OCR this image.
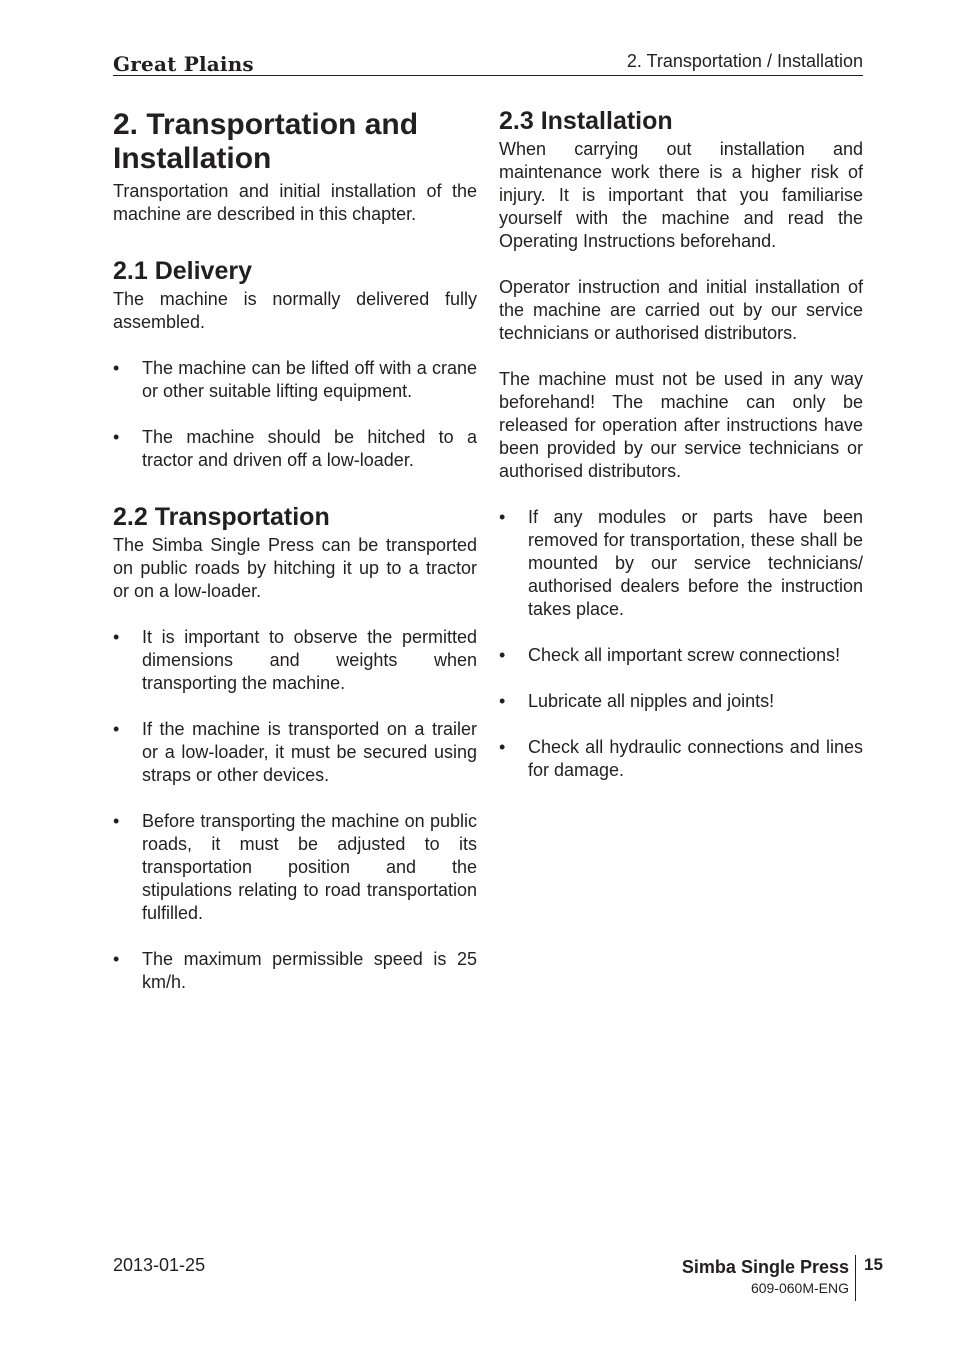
Great Plains	2. Transportation / Installation
2. Transportation and Installation

Transportation and initial installation of the machine are described in this chapter.

2.1 Delivery

The machine is normally delivered fully assembled.

• The machine can be lifted off with a crane or other suitable lifting equipment.
• The machine should be hitched to a tractor and driven off a low-loader.
2.2 Transportation

The Simba Single Press can be transported on public roads by hitching it up to a tractor or on a low-loader.

• It is important to observe the permitted dimensions and weights when transporting the machine.
• If the machine is transported on a trailer or a low-loader, it must be secured using straps or other devices.
• Before transporting the machine on public roads, it must be adjusted to its transportation position and the stipulations relating to road transportation fulfilled.
• The maximum permissible speed is 25 km/h.
2.3 Installation

When carrying out installation and maintenance work there is a higher risk of injury. It is important that you familiarise yourself with the machine and read the Operating Instructions beforehand.

Operator instruction and initial installation of the machine are carried out by our service technicians or authorised distributors.

The machine must not be used in any way beforehand! The machine can only be released for operation after instructions have been provided by our service technicians or authorised distributors.

• If any modules or parts have been removed for transportation, these shall be mounted by our service technicians/ authorised dealers before the instruction takes place.
• Check all important screw connections!
• Lubricate all nipples and joints!
• Check all hydraulic connections and lines for damage.
2013-01-25	Simba Single Press
609-060M-ENG
15
